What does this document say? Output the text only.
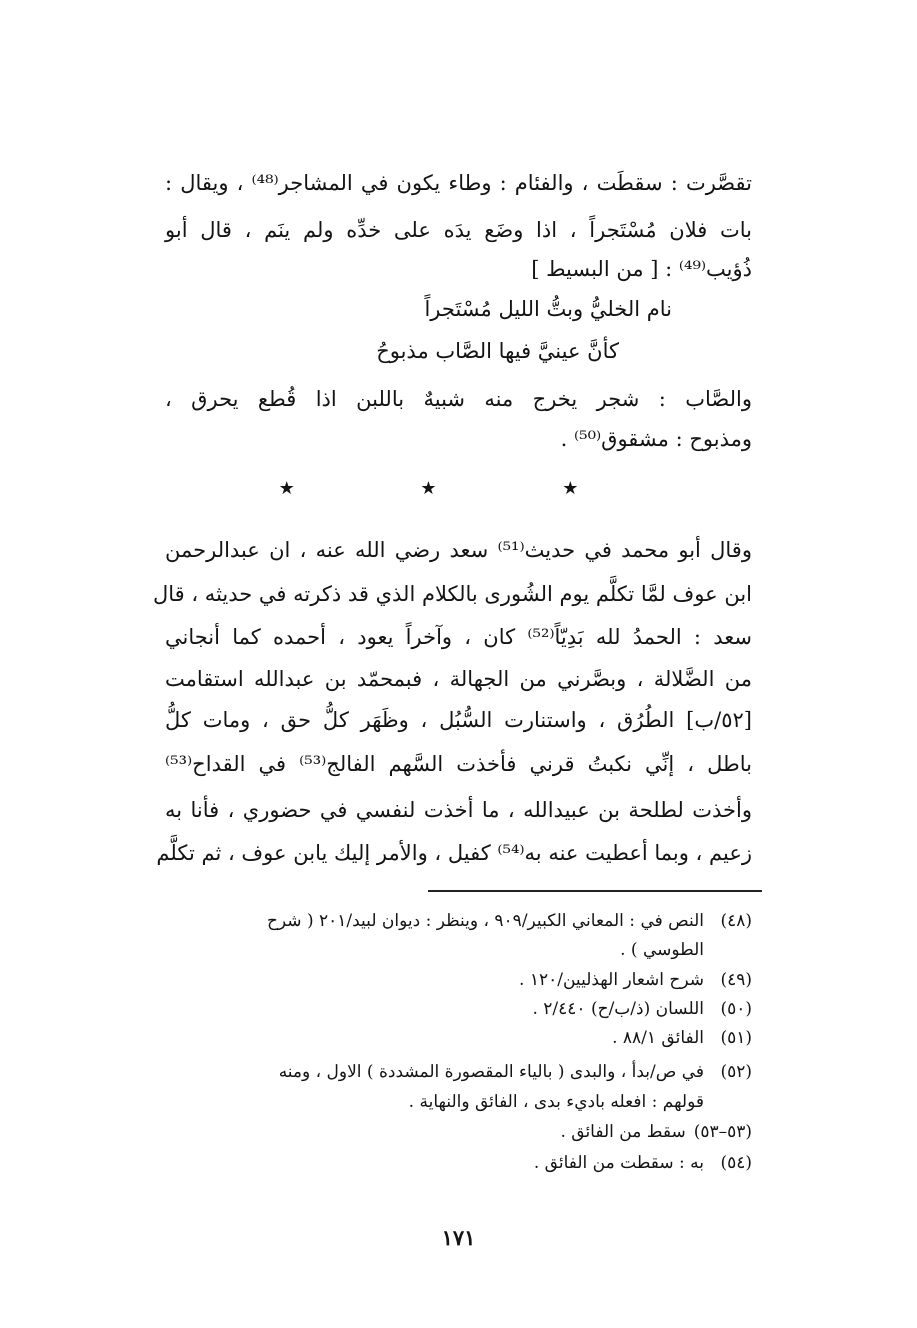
تقصَّرت : سقطَت ، والفئام : وطاء يكون في المشاجر⁽⁴⁸⁾ ، ويقال :
بات فلان مُسْتَجراً ، اذا وضَع يدَه على خدِّه ولم ينَم ، قال أبو
ذُؤيب⁽⁴⁹⁾ : [ من البسيط ]
نام الخليُّ وبتُّ الليل مُسْتَجراً
كأنَّ عينيَّ فيها الصَّاب مذبوحُ
والصَّاب : شجر يخرج منه شبيهٌ باللبن اذا قُطع يحرق ،
ومذبوح : مشقوق⁽⁵⁰⁾ .
★ ★ ★
وقال أبو محمد في حديث⁽⁵¹⁾ سعد رضي الله عنه ، ان عبدالرحمن
ابن عوف لمَّا تكلَّم يوم الشُورى بالكلام الذي قد ذكرته في حديثه ، قال
سعد : الحمدُ لله بَدِيّاً⁽⁵²⁾ كان ، وآخراً يعود ، أحمده كما أنجاني
من الضَّلالة ، وبصَّرني من الجهالة ، فبمحمّد بن عبدالله استقامت
[٥٢/ب] الطُرُق ، واستنارت السُّبُل ، وظَهَر كلُّ حق ، ومات كلُّ
باطل ، إنِّي نكبتُ قرني فأخذت السَّهم الفالج⁽⁵³⁾ في القداح⁽⁵³⁾
وأخذت لطلحة بن عبيدالله ، ما أخذت لنفسي في حضوري ، فأنا به
زعيم ، وبما أعطيت عنه به⁽⁵⁴⁾ كفيل ، والأمر إليك يابن عوف ، ثم تكلَّم
(٤٨)النص في : المعاني الكبير/٩٠٩ ، وينظر : ديوان لبيد/٢٠١ ( شرح
الطوسي ) .
(٤٩)شرح اشعار الهذليين/١٢٠ .
(٥٠)اللسان (ذ/ب/ح) ٢/٤٤٠ .
(٥١)الفائق ٨٨/١ .
(٥٢)في ص/بدأ ، والبدى ( بالياء المقصورة المشددة ) الاول ، ومنه
قولهم : افعله باديء بدى ، الفائق والنهاية .
(٥٣–٥٣)سقط من الفائق .
(٥٤)به : سقطت من الفائق .
١٧١
